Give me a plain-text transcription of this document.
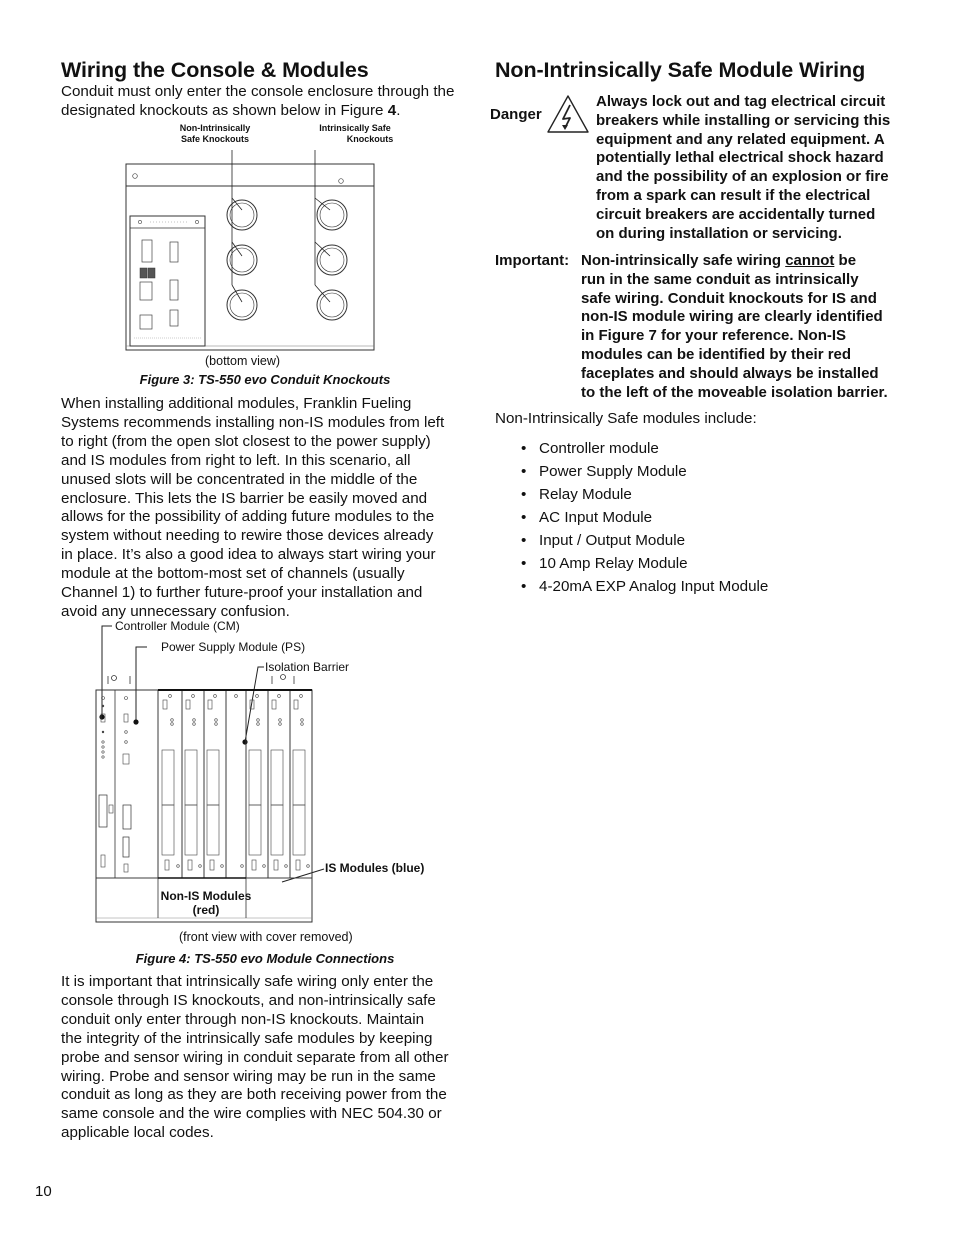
Wiring the Console & Modules

Conduit must only enter the console enclosure through the
designated knockouts as shown below in Figure 4.

Non-Intrinsically
Safe Knockouts
Intrinsically Safe
Knockouts
(bottom view)
Figure 3: TS-550 evo Conduit Knockouts

When installing additional modules, Franklin Fueling
Systems recommends installing non-IS modules from left
to right (from the open slot closest to the power supply)
and IS modules from right to left. In this scenario, all
unused slots will be concentrated in the middle of the
enclosure. This lets the IS barrier be easily moved and
allows for the possibility of adding future modules to the
system without needing to rewire those devices already
in place. It’s also a good idea to always start wiring your
module at the bottom-most set of channels (usually
Channel 1) to further future-proof your installation and
avoid any unnecessary confusion.

Controller Module (CM)
Power Supply Module (PS)
Isolation Barrier
IS Modules (blue)
Non-IS Modules
(red)
(front view with cover removed)
Figure 4: TS-550 evo Module Connections

It is important that intrinsically safe wiring only enter the
console through IS knockouts, and non-intrinsically safe
conduit only enter through non-IS knockouts. Maintain
the integrity of the intrinsically safe modules by keeping
probe and sensor wiring in conduit separate from all other
wiring. Probe and sensor wiring may be run in the same
conduit as long as they are both receiving power from the
same console and the wire complies with NEC 504.30 or
applicable local codes.

10
Non-Intrinsically Safe Module Wiring
Danger
Always lock out and tag electrical circuit
breakers while installing or servicing this
equipment and any related equipment. A
potentially lethal electrical shock hazard
and the possibility of an explosion or fire
from a spark can result if the electrical
circuit breakers are accidentally turned
on during installation or servicing.
Important: Non-intrinsically safe wiring cannot be
run in the same conduit as intrinsically
safe wiring. Conduit knockouts for IS and
non-IS module wiring are clearly identified
in Figure 7 for your reference. Non-IS
modules can be identified by their red
faceplates and should always be installed
to the left of the moveable isolation barrier.
Non-Intrinsically Safe modules include:
• Controller module
• Power Supply Module
• Relay Module
• AC Input Module
• Input / Output Module
• 10 Amp Relay Module
• 4-20mA EXP Analog Input Module
